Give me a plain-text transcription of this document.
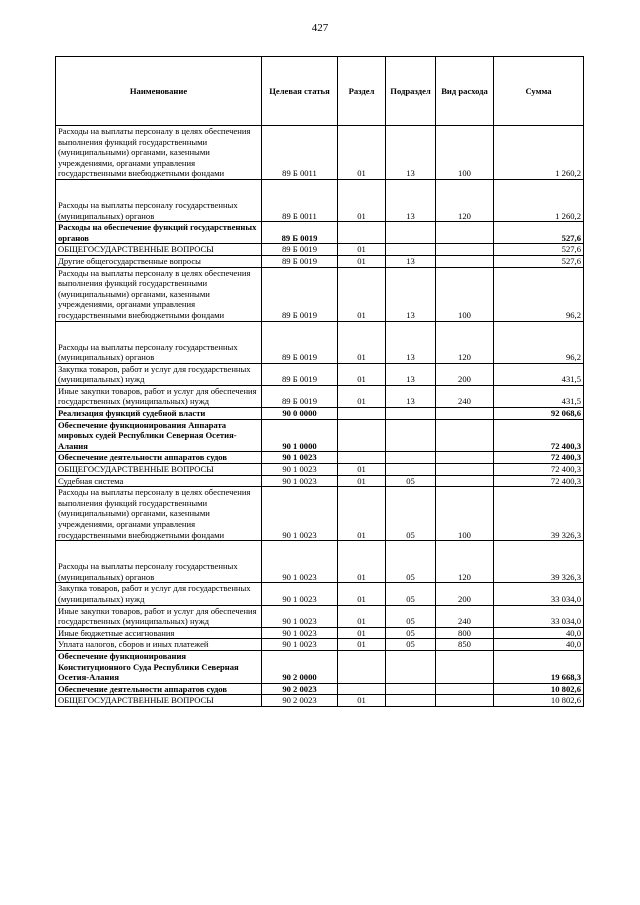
427
Наименование	Целевая статья	Раздел	Подраздел	Вид расхода	Сумма
Расходы на выплаты персоналу в целях обеспечения выполнения функций государственными (муниципальными) органами, казенными учреждениями, органами управления государственными внебюджетными фондами	89 Б 0011	01	13	100	1 260,2
Расходы на выплаты персоналу государственных (муниципальных) органов	89 Б 0011	01	13	120	1 260,2
Расходы на обеспечение функций государственных органов	89 Б 0019				527,6
ОБЩЕГОСУДАРСТВЕННЫЕ ВОПРОСЫ	89 Б 0019	01			527,6
Другие общегосударственные вопросы	89 Б 0019	01	13		527,6
Расходы на выплаты персоналу в целях обеспечения выполнения функций государственными (муниципальными) органами, казенными учреждениями, органами управления государственными внебюджетными фондами	89 Б 0019	01	13	100	96,2
Расходы на выплаты персоналу государственных (муниципальных) органов	89 Б 0019	01	13	120	96,2
Закупка товаров, работ и услуг для государственных (муниципальных) нужд	89 Б 0019	01	13	200	431,5
Иные закупки товаров, работ и услуг для обеспечения государственных (муниципальных) нужд	89 Б 0019	01	13	240	431,5
Реализация функций судебной власти	90 0 0000				92 068,6
Обеспечение функционирования Аппарата мировых судей Республики Северная Осетия-Алания	90 1 0000				72 400,3
Обеспечение деятельности аппаратов судов	90 1 0023				72 400,3
ОБЩЕГОСУДАРСТВЕННЫЕ ВОПРОСЫ	90 1 0023	01			72 400,3
Судебная система	90 1 0023	01	05		72 400,3
Расходы на выплаты персоналу в целях обеспечения выполнения функций государственными (муниципальными) органами, казенными учреждениями, органами управления государственными внебюджетными фондами	90 1 0023	01	05	100	39 326,3
Расходы на выплаты персоналу государственных (муниципальных) органов	90 1 0023	01	05	120	39 326,3
Закупка товаров, работ и услуг для государственных (муниципальных) нужд	90 1 0023	01	05	200	33 034,0
Иные закупки товаров, работ и услуг для обеспечения государственных (муниципальных) нужд	90 1 0023	01	05	240	33 034,0
Иные бюджетные ассигнования	90 1 0023	01	05	800	40,0
Уплата налогов, сборов и иных платежей	90 1 0023	01	05	850	40,0
Обеспечение функционирования Конституционного Суда Республики Северная Осетия-Алания	90 2 0000				19 668,3
Обеспечение деятельности аппаратов судов	90 2 0023				10 802,6
ОБЩЕГОСУДАРСТВЕННЫЕ ВОПРОСЫ	90 2 0023	01			10 802,6
